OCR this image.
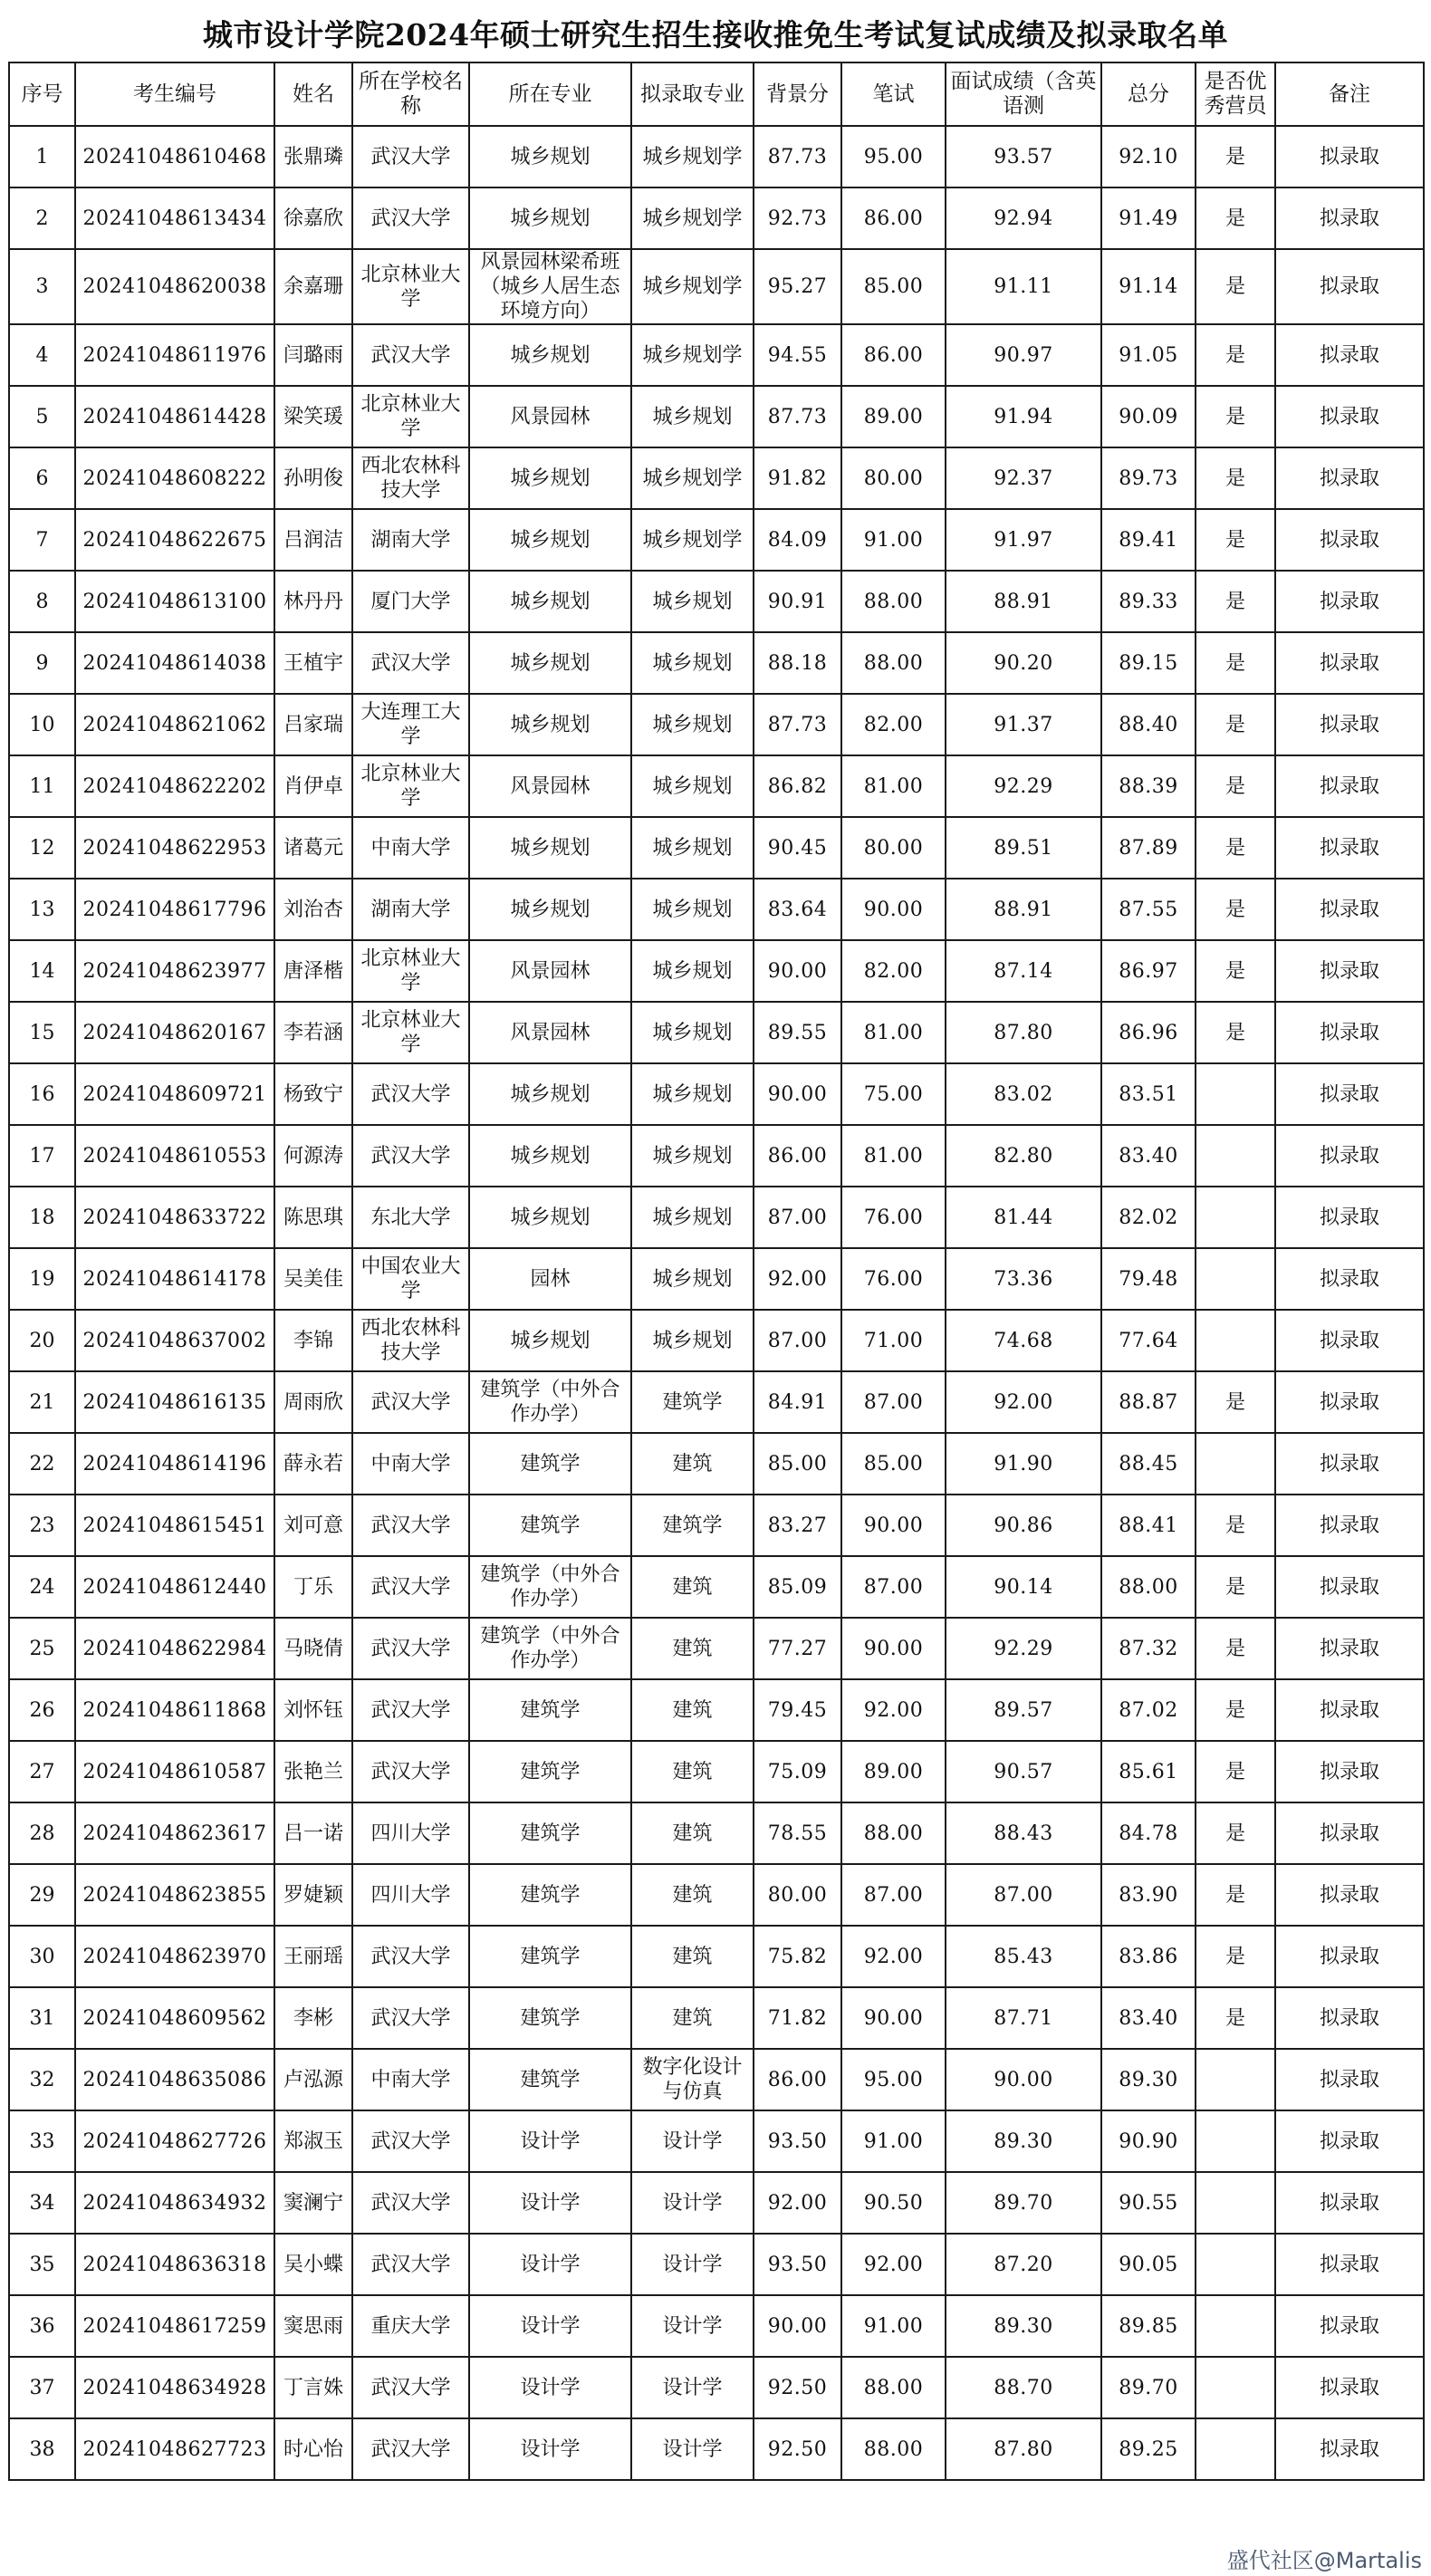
城市设计学院2024年硕士研究生招生接收推免生考试复试成绩及拟录取名单
序号	考生编号	姓名	所在学校名称	所在专业	拟录取专业	背景分	笔试	面试成绩（含英语测	总分	是否优秀营员	备注
1	20241048610468	张鼎璘	武汉大学	城乡规划	城乡规划学	87.73	95.00	93.57	92.10	是	拟录取
2	20241048613434	徐嘉欣	武汉大学	城乡规划	城乡规划学	92.73	86.00	92.94	91.49	是	拟录取
3	20241048620038	余嘉珊	北京林业大学	风景园林梁希班（城乡人居生态环境方向）	城乡规划学	95.27	85.00	91.11	91.14	是	拟录取
4	20241048611976	闫璐雨	武汉大学	城乡规划	城乡规划学	94.55	86.00	90.97	91.05	是	拟录取
5	20241048614428	梁笑瑗	北京林业大学	风景园林	城乡规划	87.73	89.00	91.94	90.09	是	拟录取
6	20241048608222	孙明俊	西北农林科技大学	城乡规划	城乡规划学	91.82	80.00	92.37	89.73	是	拟录取
7	20241048622675	吕润洁	湖南大学	城乡规划	城乡规划学	84.09	91.00	91.97	89.41	是	拟录取
8	20241048613100	林丹丹	厦门大学	城乡规划	城乡规划	90.91	88.00	88.91	89.33	是	拟录取
9	20241048614038	王植宇	武汉大学	城乡规划	城乡规划	88.18	88.00	90.20	89.15	是	拟录取
10	20241048621062	吕家瑞	大连理工大学	城乡规划	城乡规划	87.73	82.00	91.37	88.40	是	拟录取
11	20241048622202	肖伊卓	北京林业大学	风景园林	城乡规划	86.82	81.00	92.29	88.39	是	拟录取
12	20241048622953	诸葛元	中南大学	城乡规划	城乡规划	90.45	80.00	89.51	87.89	是	拟录取
13	20241048617796	刘治杏	湖南大学	城乡规划	城乡规划	83.64	90.00	88.91	87.55	是	拟录取
14	20241048623977	唐泽楷	北京林业大学	风景园林	城乡规划	90.00	82.00	87.14	86.97	是	拟录取
15	20241048620167	李若涵	北京林业大学	风景园林	城乡规划	89.55	81.00	87.80	86.96	是	拟录取
16	20241048609721	杨致宁	武汉大学	城乡规划	城乡规划	90.00	75.00	83.02	83.51		拟录取
17	20241048610553	何源涛	武汉大学	城乡规划	城乡规划	86.00	81.00	82.80	83.40		拟录取
18	20241048633722	陈思琪	东北大学	城乡规划	城乡规划	87.00	76.00	81.44	82.02		拟录取
19	20241048614178	吴美佳	中国农业大学	园林	城乡规划	92.00	76.00	73.36	79.48		拟录取
20	20241048637002	李锦	西北农林科技大学	城乡规划	城乡规划	87.00	71.00	74.68	77.64		拟录取
21	20241048616135	周雨欣	武汉大学	建筑学（中外合作办学）	建筑学	84.91	87.00	92.00	88.87	是	拟录取
22	20241048614196	薛永若	中南大学	建筑学	建筑	85.00	85.00	91.90	88.45		拟录取
23	20241048615451	刘可意	武汉大学	建筑学	建筑学	83.27	90.00	90.86	88.41	是	拟录取
24	20241048612440	丁乐	武汉大学	建筑学（中外合作办学）	建筑	85.09	87.00	90.14	88.00	是	拟录取
25	20241048622984	马晓倩	武汉大学	建筑学（中外合作办学）	建筑	77.27	90.00	92.29	87.32	是	拟录取
26	20241048611868	刘怀钰	武汉大学	建筑学	建筑	79.45	92.00	89.57	87.02	是	拟录取
27	20241048610587	张艳兰	武汉大学	建筑学	建筑	75.09	89.00	90.57	85.61	是	拟录取
28	20241048623617	吕一诺	四川大学	建筑学	建筑	78.55	88.00	88.43	84.78	是	拟录取
29	20241048623855	罗婕颖	四川大学	建筑学	建筑	80.00	87.00	87.00	83.90	是	拟录取
30	20241048623970	王丽瑶	武汉大学	建筑学	建筑	75.82	92.00	85.43	83.86	是	拟录取
31	20241048609562	李彬	武汉大学	建筑学	建筑	71.82	90.00	87.71	83.40	是	拟录取
32	20241048635086	卢泓源	中南大学	建筑学	数字化设计与仿真	86.00	95.00	90.00	89.30		拟录取
33	20241048627726	郑淑玉	武汉大学	设计学	设计学	93.50	91.00	89.30	90.90		拟录取
34	20241048634932	窦澜宁	武汉大学	设计学	设计学	92.00	90.50	89.70	90.55		拟录取
35	20241048636318	吴小蝶	武汉大学	设计学	设计学	93.50	92.00	87.20	90.05		拟录取
36	20241048617259	窦思雨	重庆大学	设计学	设计学	90.00	91.00	89.30	89.85		拟录取
37	20241048634928	丁言姝	武汉大学	设计学	设计学	92.50	88.00	88.70	89.70		拟录取
38	20241048627723	时心怡	武汉大学	设计学	设计学	92.50	88.00	87.80	89.25		拟录取
盛代社区@Martalis
